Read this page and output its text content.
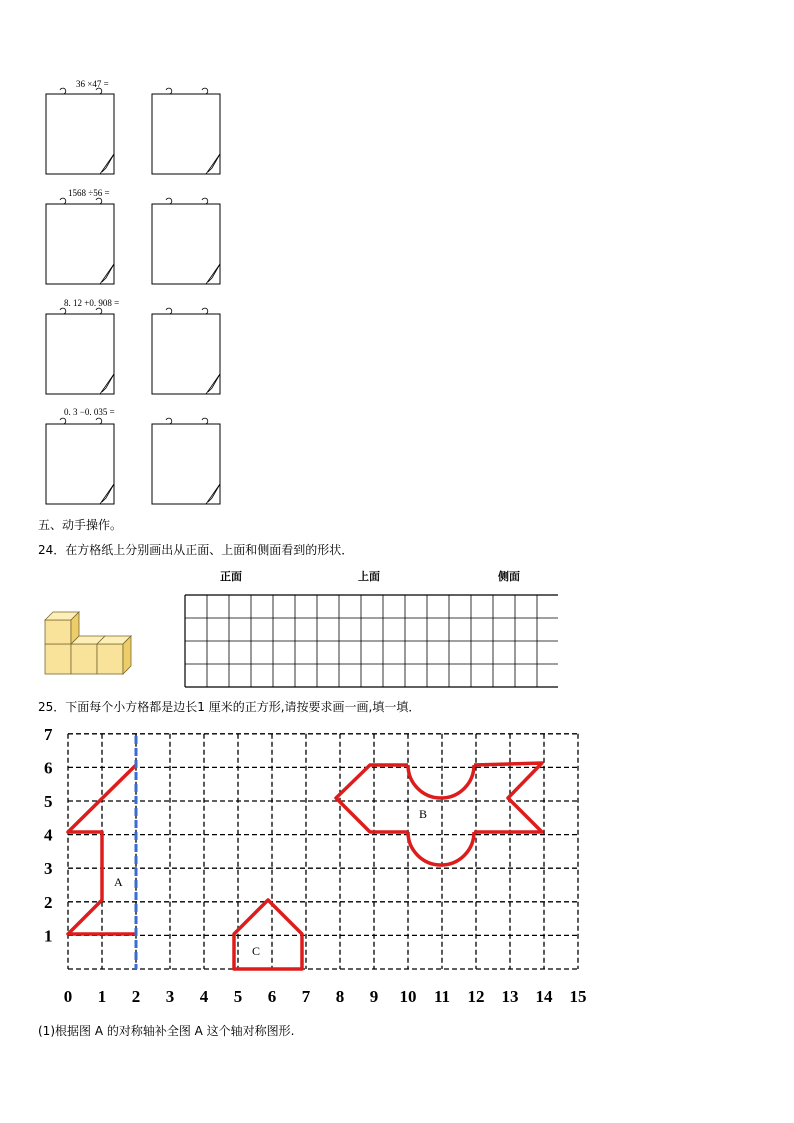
36 ×47 =
1568 ÷56 =
8. 12 +0. 908 =
0. 3 −0. 035 =
五、动手操作。
24．在方格纸上分别画出从正面、上面和侧面看到的形状．
正面	上面	侧面
25．下面每个小方格都是边长1 厘米的正方形,请按要求画一画,填一填．
A
B
C
1
2
3
4
5
6
7
0 1 2 3 4 5 6 7 8 9 10 11 12 13 14 15
(1)根据图 A 的对称轴补全图 A 这个轴对称图形.
